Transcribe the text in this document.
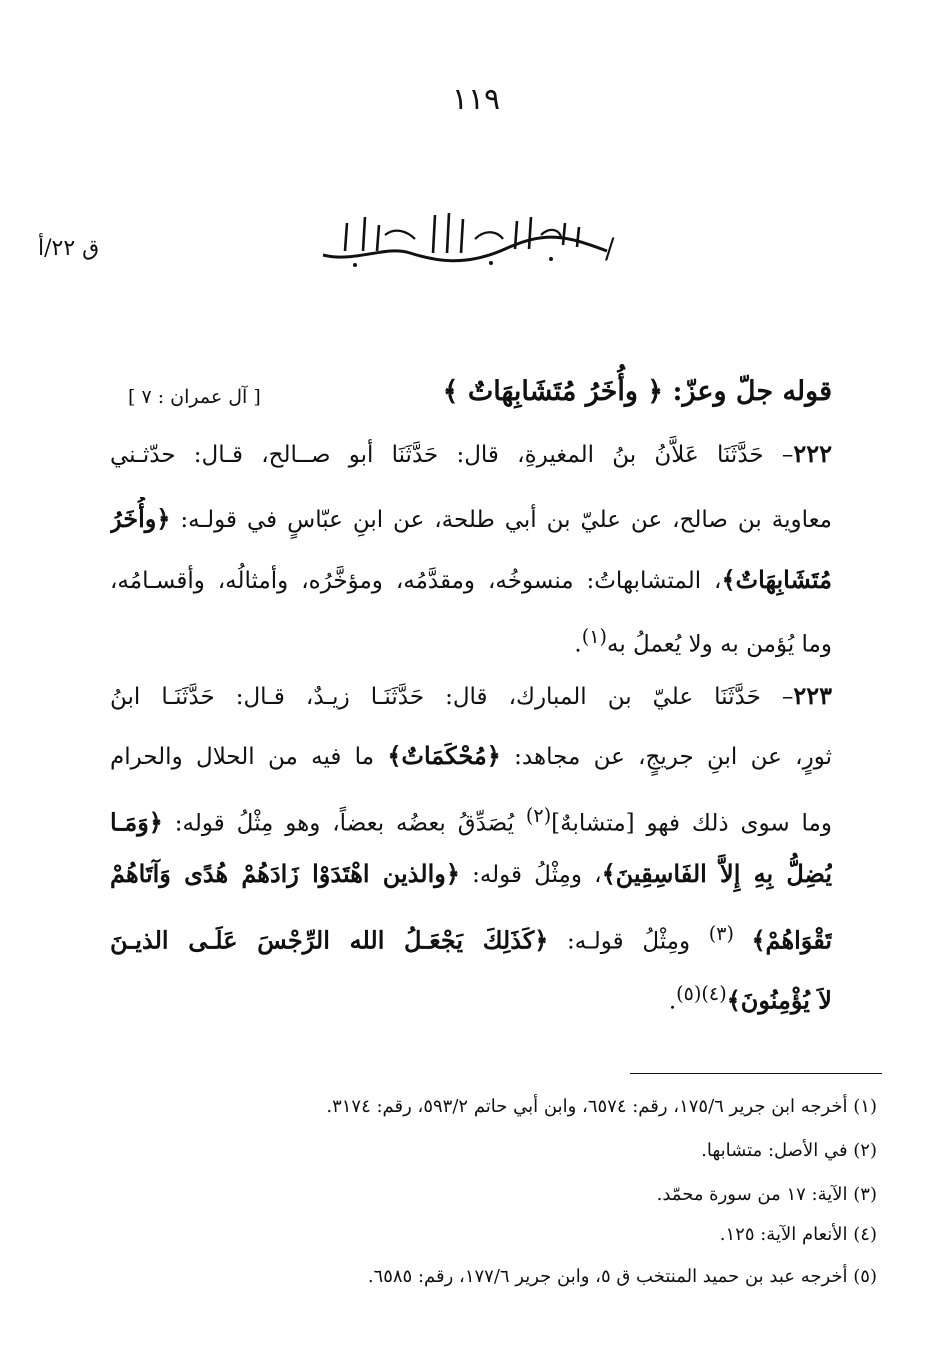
١١٩
/
ق ٢٢/أ
قوله جلّ وعزّ: ﴿ وأُخَرُ مُتَشَابِهَاتٌ ﴾
[ آل عمران : ٧ ]
٢٢٢– حَدَّثَنَا عَلاَّنُ بنُ المغيرةِ، قال: حَدَّثَنَا أبو صــالح، قـال: حدّثـني
معاوية بن صالح، عن عليّ بن أبي طلحة، عن ابنِ عبّاسٍ في قولـه: ﴿وأُخَرُ
مُتَشَابِهَاتٌ﴾، المتشابهاتُ: منسوخُه، ومقدَّمُه، ومؤخَّرُه، وأمثالُه، وأقسـامُه،
وما يُؤمن به ولا يُعملُ به$^{(١)}$.
٢٢٣– حَدَّثَنَا عليّ بن المبارك، قال: حَدَّثَنَـا زيـدٌ، قـال: حَدَّثَنَـا ابنُ
ثورٍ، عن ابنِ جريجٍ، عن مجاهد: ﴿مُحْكَمَاتٌ﴾ ما فيه من الحلال والحرام
وما سوى ذلك فهو [متشابهٌ]$^{(٢)}$ يُصَدِّقُ بعضُه بعضاً، وهو مِثْلُ قوله: ﴿وَمَـا
يُضِلُّ بِهِ إِلاَّ الفَاسِقِينَ﴾، ومِثْلُ قوله: ﴿والذين اهْتَدَوْا زَادَهُمْ هُدًى وَآتَاهُمْ
تَقْوَاهُمْ﴾ $^{(٣)}$ ومِثْلُ قولـه: ﴿كَذَلِكَ يَجْعَـلُ الله الرِّجْسَ عَلَـى الذيـنَ
لاَ يُؤْمِنُونَ﴾$^{(٤)(٥)}$.
(١) أخرجه ابن جرير ١٧٥/٦، رقم: ٦٥٧٤، وابن أبي حاتم ٥٩٣/٢، رقم: ٣١٧٤.
(٢) في الأصل: متشابها.
(٣) الآية: ١٧ من سورة محمّد.
(٤) الأنعام الآية: ١٢٥.
(٥) أخرجه عبد بن حميد المنتخب ق ٥، وابن جرير ١٧٧/٦، رقم: ٦٥٨٥.
